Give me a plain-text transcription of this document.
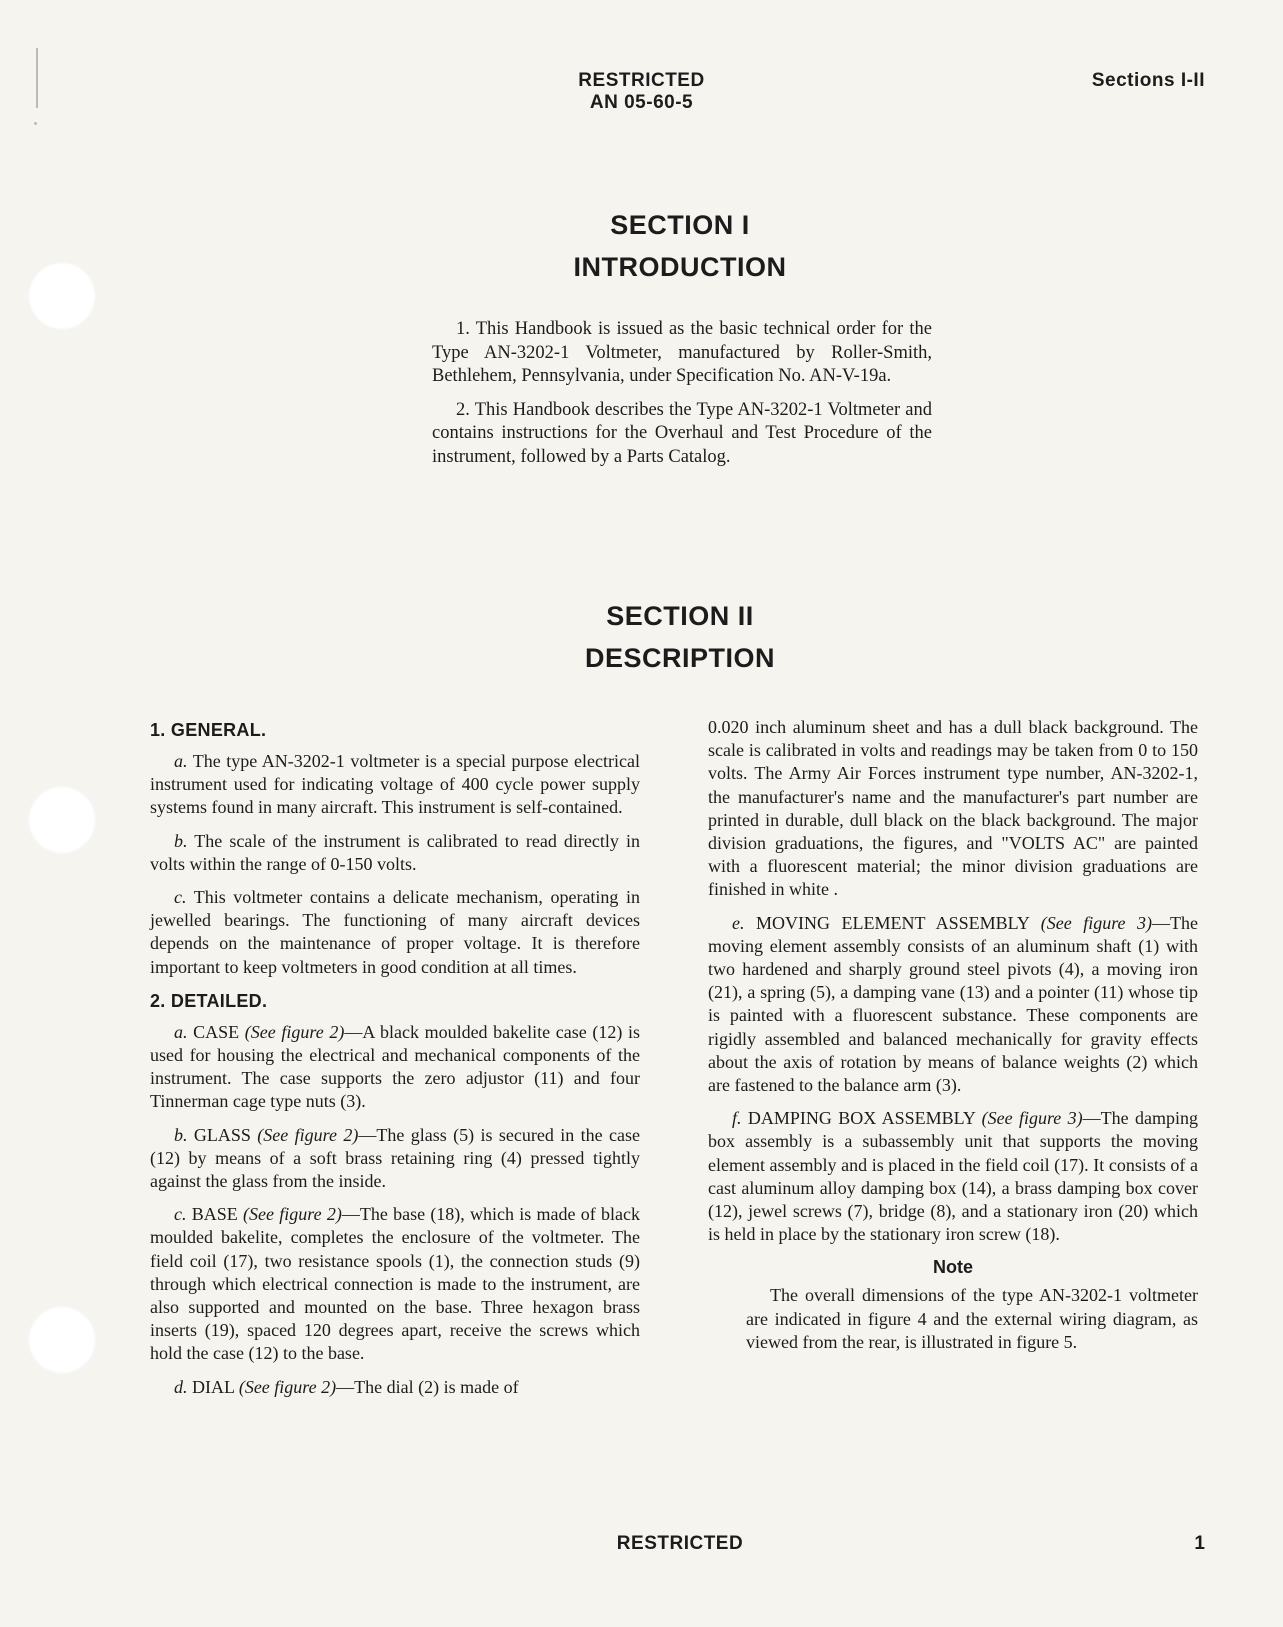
RESTRICTED
AN 05-60-5
Sections I-II
SECTION I
INTRODUCTION

1. This Handbook is issued as the basic technical order for the Type AN-3202-1 Voltmeter, manufactured by Roller-Smith, Bethlehem, Pennsylvania, under Specification No. AN-V-19a.

2. This Handbook describes the Type AN-3202-1 Voltmeter and contains instructions for the Overhaul and Test Procedure of the instrument, followed by a Parts Catalog.

SECTION II
DESCRIPTION
1. GENERAL.

a. The type AN-3202-1 voltmeter is a special purpose electrical instrument used for indicating voltage of 400 cycle power supply systems found in many aircraft. This instrument is self-contained.

b. The scale of the instrument is calibrated to read directly in volts within the range of 0-150 volts.

c. This voltmeter contains a delicate mechanism, operating in jewelled bearings. The functioning of many aircraft devices depends on the maintenance of proper voltage. It is therefore important to keep voltmeters in good condition at all times.

2. DETAILED.

a. CASE (See figure 2)—A black moulded bakelite case (12) is used for housing the electrical and mechanical components of the instrument. The case supports the zero adjustor (11) and four Tinnerman cage type nuts (3).

b. GLASS (See figure 2)—The glass (5) is secured in the case (12) by means of a soft brass retaining ring (4) pressed tightly against the glass from the inside.

c. BASE (See figure 2)—The base (18), which is made of black moulded bakelite, completes the enclosure of the voltmeter. The field coil (17), two resistance spools (1), the connection studs (9) through which electrical connection is made to the instrument, are also supported and mounted on the base. Three hexagon brass inserts (19), spaced 120 degrees apart, receive the screws which hold the case (12) to the base.

d. DIAL (See figure 2)—The dial (2) is made of

0.020 inch aluminum sheet and has a dull black background. The scale is calibrated in volts and readings may be taken from 0 to 150 volts. The Army Air Forces instrument type number, AN-3202-1, the manufacturer's name and the manufacturer's part number are printed in durable, dull black on the black background. The major division graduations, the figures, and "VOLTS AC" are painted with a fluorescent material; the minor division graduations are finished in white .

e. MOVING ELEMENT ASSEMBLY (See figure 3)—The moving element assembly consists of an aluminum shaft (1) with two hardened and sharply ground steel pivots (4), a moving iron (21), a spring (5), a damping vane (13) and a pointer (11) whose tip is painted with a fluorescent substance. These components are rigidly assembled and balanced mechanically for gravity effects about the axis of rotation by means of balance weights (2) which are fastened to the balance arm (3).

f. DAMPING BOX ASSEMBLY (See figure 3)—The damping box assembly is a subassembly unit that supports the moving element assembly and is placed in the field coil (17). It consists of a cast aluminum alloy damping box (14), a brass damping box cover (12), jewel screws (7), bridge (8), and a stationary iron (20) which is held in place by the stationary iron screw (18).

Note

The overall dimensions of the type AN-3202-1 voltmeter are indicated in figure 4 and the external wiring diagram, as viewed from the rear, is illustrated in figure 5.

RESTRICTED	1
